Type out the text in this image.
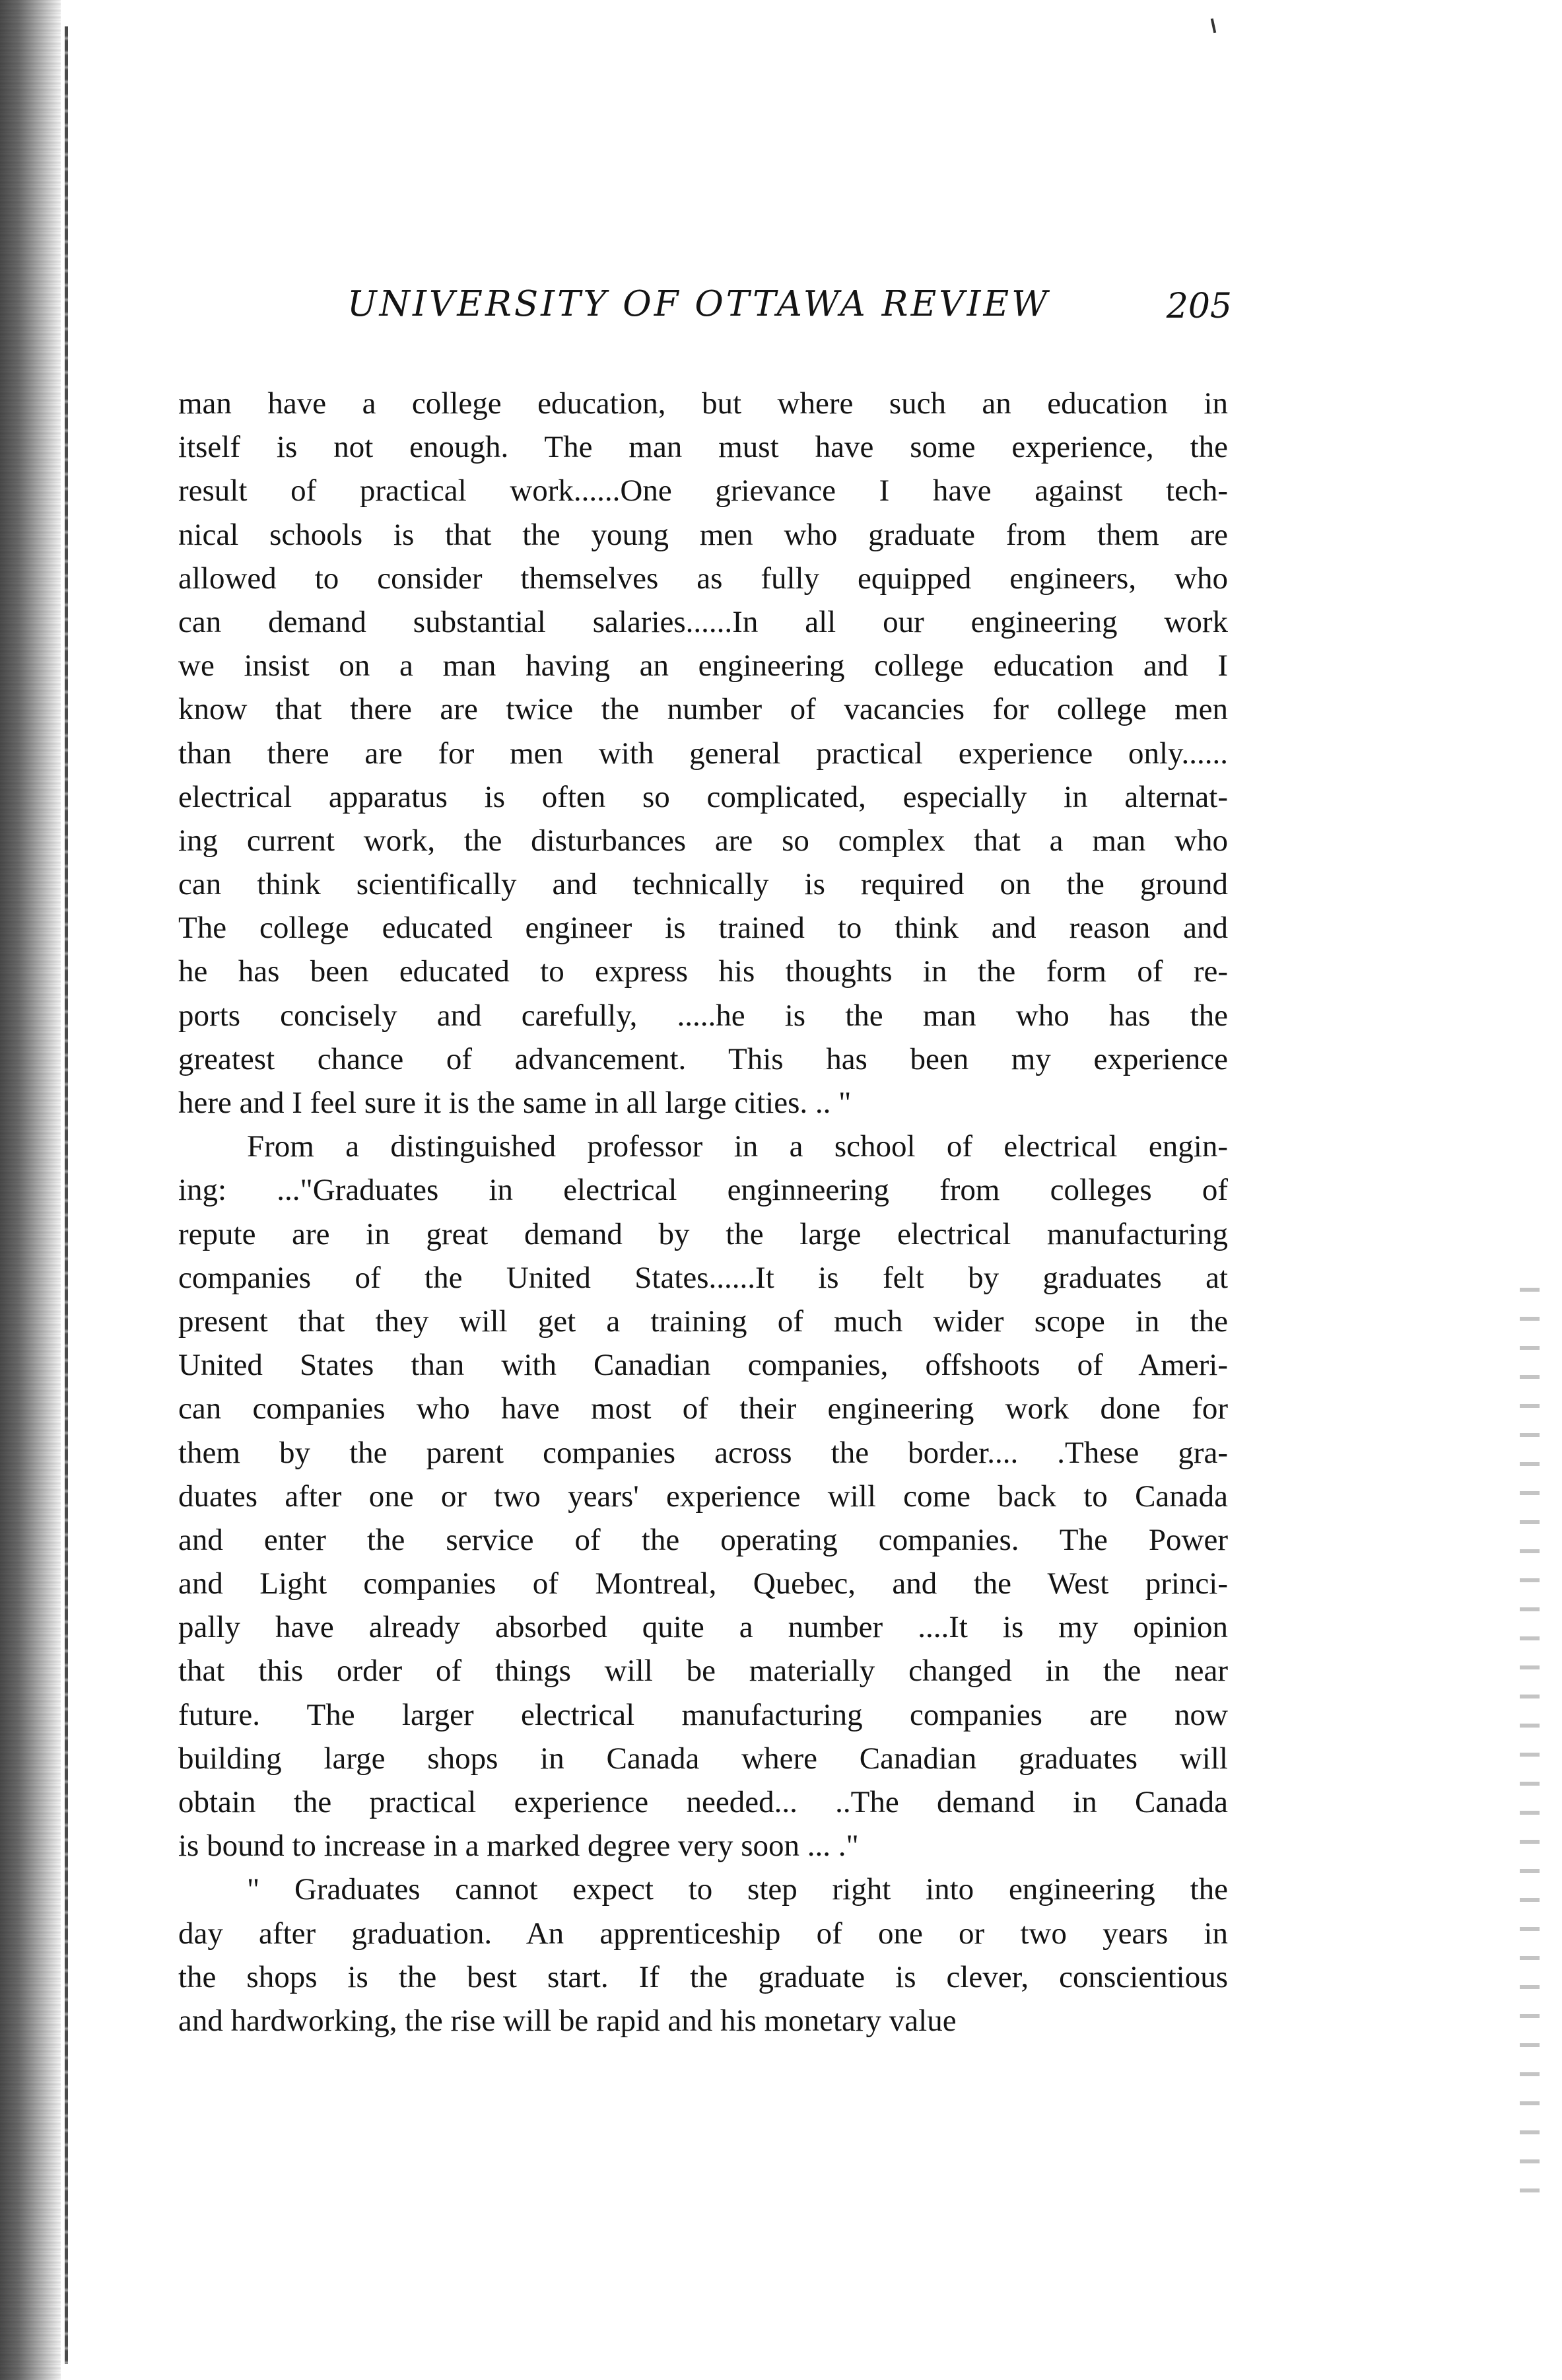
UNIVERSITY OF OTTAWA REVIEW	205
man have a college education, but where such an education in
itself is not enough. The man must have some experience, the
result of practical work......One grievance I have against tech-
nical schools is that the young men who graduate from them are
allowed to consider themselves as fully equipped engineers, who
can demand substantial salaries......In all our engineering work
we insist on a man having an engineering college education and I
know that there are twice the number of vacancies for college men
than there are for men with general practical experience only......
electrical apparatus is often so complicated, especially in alternat-
ing current work, the disturbances are so complex that a man who
can think scientifically and technically is required on the ground
The college educated engineer is trained to think and reason and
he has been educated to express his thoughts in the form of re-
ports concisely and carefully, .....he is the man who has the
greatest chance of advancement. This has been my experience
here and I feel sure it is the same in all large cities. .. "
From a distinguished professor in a school of electrical engin-
ing: ..."Graduates in electrical enginneering from colleges of
repute are in great demand by the large electrical manufacturing
companies of the United States......It is felt by graduates at
present that they will get a training of much wider scope in the
United States than with Canadian companies, offshoots of Ameri-
can companies who have most of their engineering work done for
them by the parent companies across the border.... .These gra-
duates after one or two years' experience will come back to Canada
and enter the service of the operating companies. The Power
and Light companies of Montreal, Quebec, and the West princi-
pally have already absorbed quite a number ....It is my opinion
that this order of things will be materially changed in the near
future. The larger electrical manufacturing companies are now
building large shops in Canada where Canadian graduates will
obtain the practical experience needed... ..The demand in Canada
is bound to increase in a marked degree very soon ... ."
" Graduates cannot expect to step right into engineering the
day after graduation. An apprenticeship of one or two years in
the shops is the best start. If the graduate is clever, conscientious
and hardworking, the rise will be rapid and his monetary value
